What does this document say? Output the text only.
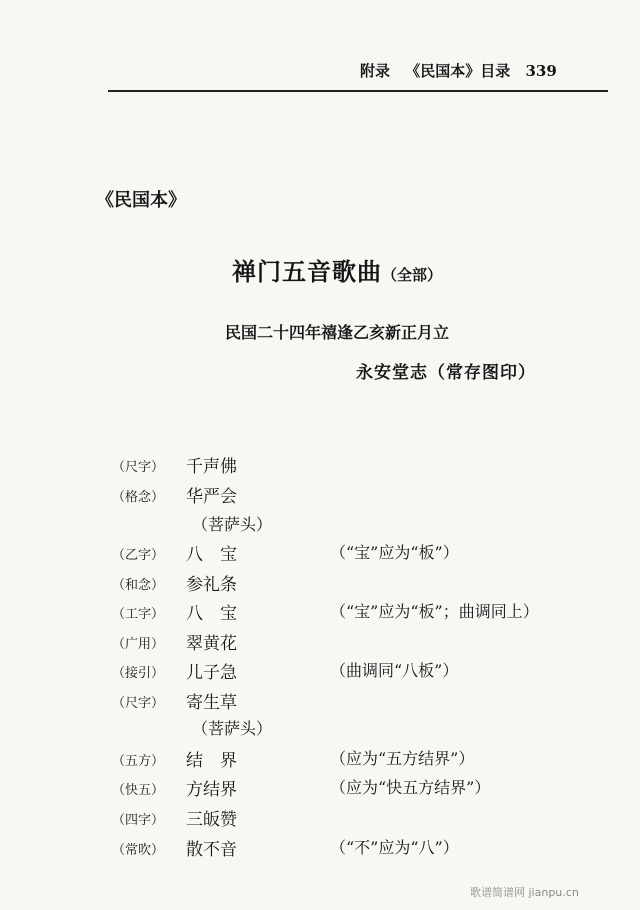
附录 《民国本》目录 339
《民国本》
禅门五音歌曲（全部）
民国二十四年禧逢乙亥新正月立
永安堂志（常存图印）
（尺字） 千声佛
（格念） 华严会
（菩萨头）
（乙字） 八　宝	（“宝”应为“板”）
（和念） 参礼条
（工字） 八　宝	（“宝”应为“板”；曲调同上）
（广用） 翠黄花
（接引） 儿子急	（曲调同“八板”）
（尺字） 寄生草
（菩萨头）
（五方） 结　界	（应为“五方结界”）
（快五） 方结界	（应为“快五方结界”）
（四字） 三皈赞
（常吹） 散不音	（“不”应为“八”）
歌谱简谱网 jianpu.cn
